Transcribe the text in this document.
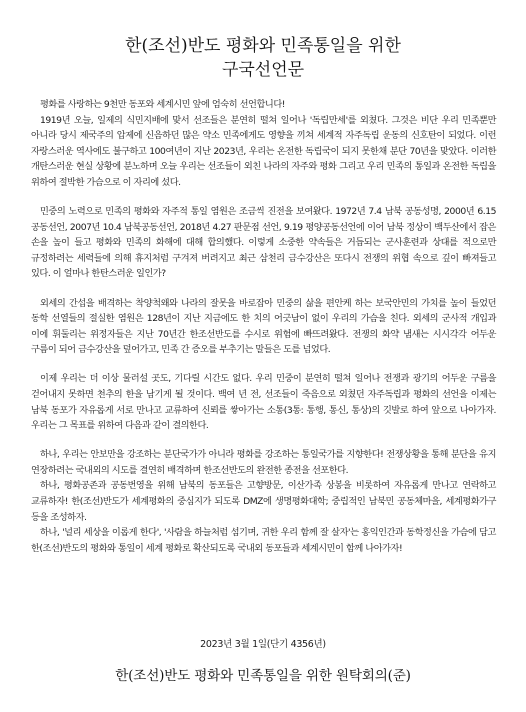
한(조선)반도 평화와 민족통일을 위한
구국선언문

평화를 사랑하는 9천만 동포와 세계시민 앞에 엄숙히 선언합니다!

1919년 오늘, 일제의 식민지배에 맞서 선조들은 분연히 떨쳐 일어나 '독립만세'를 외쳤다. 그것은 비단 우리 민족뿐만 아니라 당시 제국주의 압제에 신음하던 많은 약소 민족에게도 영향을 끼쳐 세계적 자주독립 운동의 신호탄이 되었다. 이런 자랑스러운 역사에도 불구하고 100여년이 지난 2023년, 우리는 온전한 독립국이 되지 못한채 분단 70년을 맞았다. 이러한 개탄스러운 현실 상황에 분노하며 오늘 우리는 선조들이 외친 나라의 자주와 평화 그리고 우리 민족의 통일과 온전한 독립을 위하여 절박한 가슴으로 이 자리에 섰다.

민중의 노력으로 민족의 평화와 자주적 통일 염원은 조금씩 진전을 보여왔다. 1972년 7.4 남북 공동성명, 2000년 6.15 공동선언, 2007년 10.4 남북공동선언, 2018년 4.27 판문점 선언, 9.19 평양공동선언에 이어 남북 정상이 백두산에서 잡은 손을 높이 들고 평화와 민족의 화해에 대해 합의했다. 이렇게 소중한 약속들은 거듭되는 군사훈련과 상대를 적으로만 규정하려는 세력들에 의해 휴지처럼 구겨져 버려지고 최근 삼천리 금수강산은 또다시 전쟁의 위협 속으로 깊이 빠져들고 있다. 이 얼마나 한탄스러운 일인가?

외세의 간섭을 배격하는 착양척왜와 나라의 잘못을 바로잡아 민중의 삶을 편안케 하는 보국안민의 가치를 높이 들었던 동학 선열들의 절실한 염원은 128년이 지난 지금에도 한 치의 어긋남이 없이 우리의 가슴을 친다. 외세의 군사적 개입과 이에 휘둘리는 위정자들은 지난 70년간 한조선반도를 수시로 위험에 빠뜨려왔다. 전쟁의 화약 냄새는 시시각각 어두운 구름이 되어 금수강산을 덮어가고, 민족 간 증오를 부추기는 말들은 도를 넘었다.

이제 우리는 더 이상 물러설 곳도, 기다릴 시간도 없다. 우리 민중이 분연히 떨쳐 일어나 전쟁과 광기의 어두운 구름을 걷어내지 못하면 천추의 한을 남기게 될 것이다. 백여 년 전, 선조들이 죽음으로 외쳤던 자주독립과 평화의 선언을 이제는 남북 동포가 자유롭게 서로 만나고 교류하여 신뢰를 쌓아가는 소통(3통: 통행, 통신, 통상)의 깃발로 하여 앞으로 나아가자. 우리는 그 목표를 위하여 다음과 같이 결의한다.

하나, 우리는 안보만을 강조하는 분단국가가 아니라 평화를 강조하는 통일국가를 지향한다! 전쟁상황을 통해 분단을 유지 연장하려는 국내외의 시도를 결연히 배격하며 한조선반도의 완전한 종전을 선포한다.

하나, 평화공존과 공동번영을 위해 남북의 동포들은 고향방문, 이산가족 상봉을 비롯하여 자유롭게 만나고 연락하고 교류하자! 한(조선)반도가 세계평화의 중심지가 되도록 DMZ에 생명평화대학; 중립적인 남북민 공동체마을, 세계평화가구 등을 조성하자.

하나, '널리 세상을 이롭게 한다', '사람을 하늘처럼 섬기며, 귀한 우리 함께 잘 살자'는 홍익인간과 동학정신을 가슴에 담고 한(조선)반도의 평화와 통일이 세계 평화로 확산되도록 국내외 동포들과 세계시민이 함께 나아가자!

2023년 3월 1일(단기 4356년)
한(조선)반도 평화와 민족통일을 위한 원탁회의(준)
